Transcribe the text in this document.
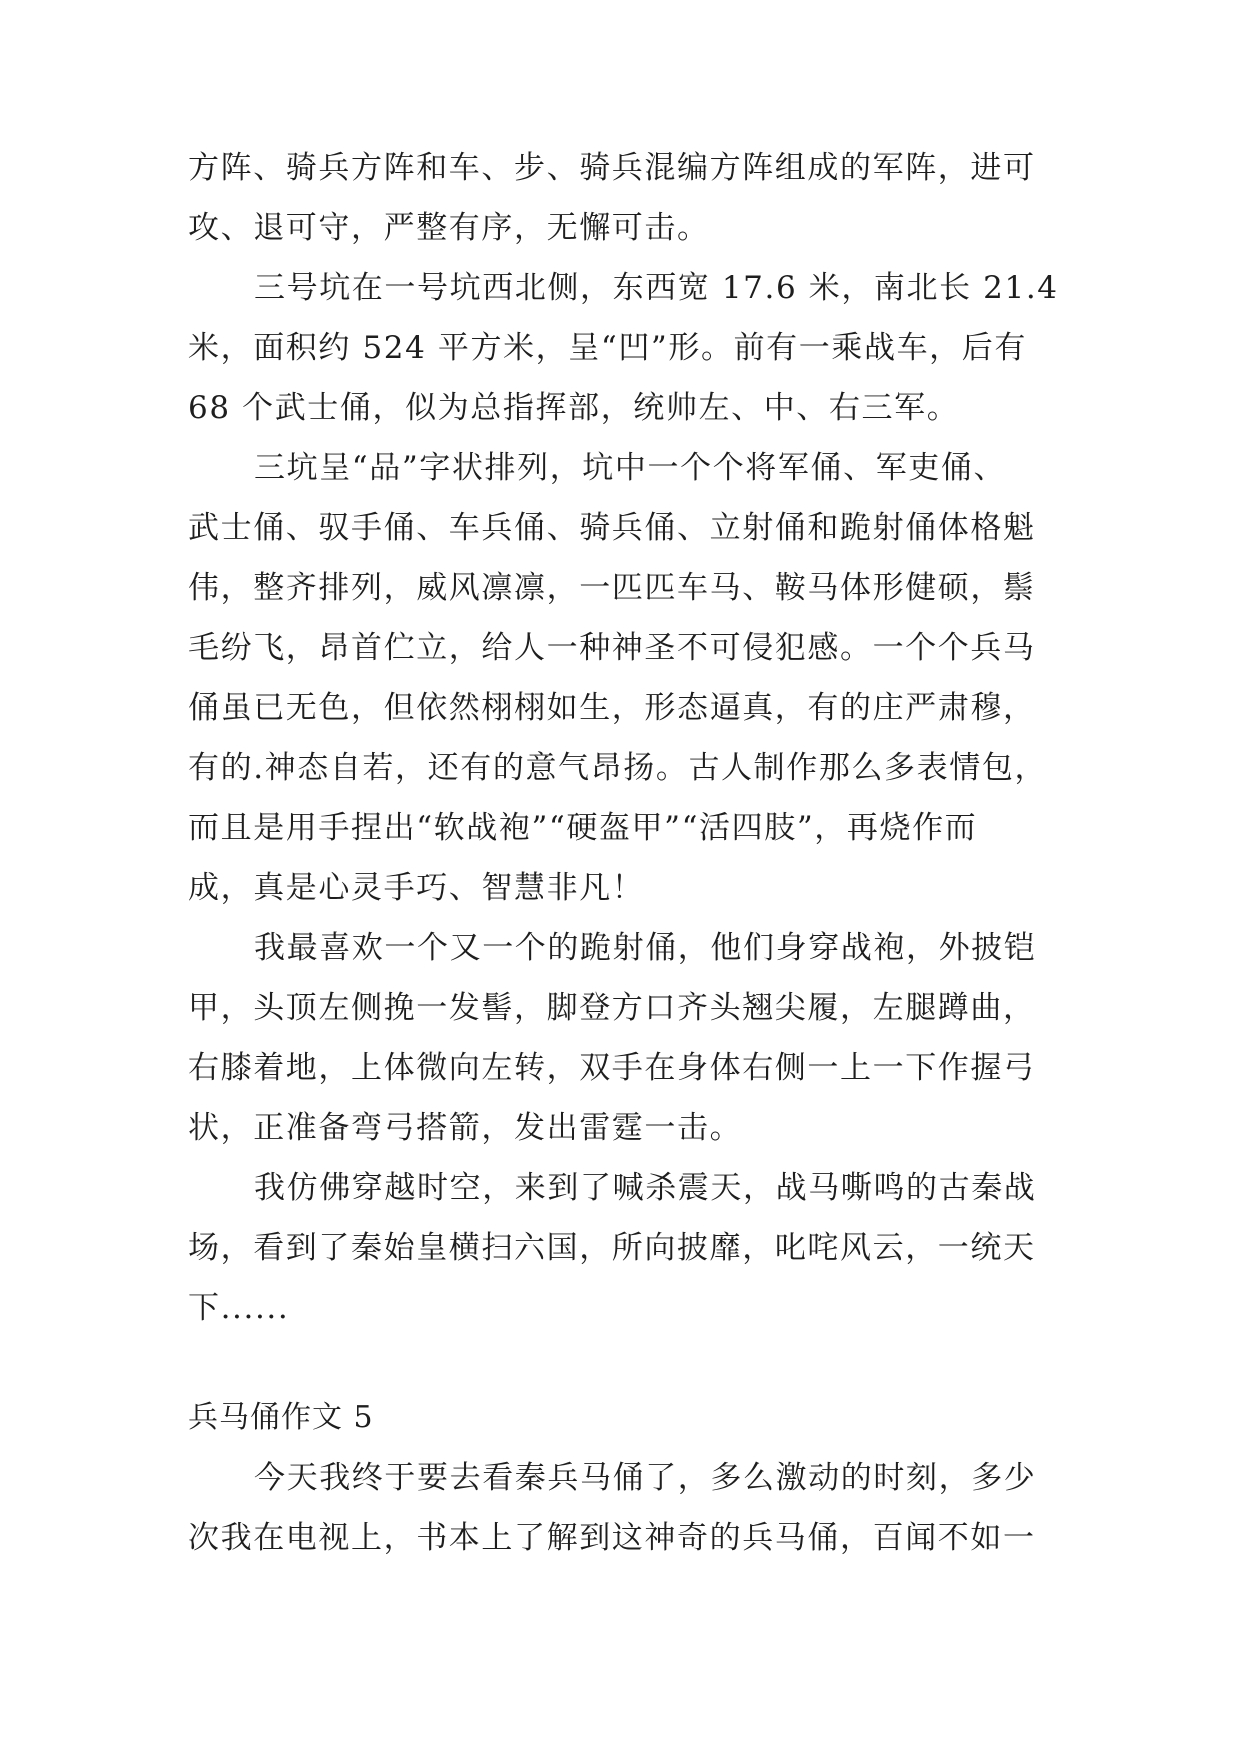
方阵、骑兵方阵和车、步、骑兵混编方阵组成的军阵，进可
攻、退可守，严整有序，无懈可击。
三号坑在一号坑西北侧，东西宽 17.6 米，南北长 21.4
米，面积约 524 平方米，呈“凹”形。前有一乘战车，后有
68 个武士俑，似为总指挥部，统帅左、中、右三军。
三坑呈“品”字状排列，坑中一个个将军俑、军吏俑、
武士俑、驭手俑、车兵俑、骑兵俑、立射俑和跪射俑体格魁
伟，整齐排列，威风凛凛，一匹匹车马、鞍马体形健硕，鬃
毛纷飞，昂首伫立，给人一种神圣不可侵犯感。一个个兵马
俑虽已无色，但依然栩栩如生，形态逼真，有的庄严肃穆，
有的.神态自若，还有的意气昂扬。古人制作那么多表情包，
而且是用手捏出“软战袍”“硬盔甲”“活四肢”，再烧作而
成，真是心灵手巧、智慧非凡！
我最喜欢一个又一个的跪射俑，他们身穿战袍，外披铠
甲，头顶左侧挽一发髻，脚登方口齐头翘尖履，左腿蹲曲，
右膝着地，上体微向左转，双手在身体右侧一上一下作握弓
状，正准备弯弓搭箭，发出雷霆一击。
我仿佛穿越时空，来到了喊杀震天，战马嘶鸣的古秦战
场，看到了秦始皇横扫六国，所向披靡，叱咤风云，一统天
下......
兵马俑作文 5
今天我终于要去看秦兵马俑了，多么激动的时刻，多少
次我在电视上，书本上了解到这神奇的兵马俑，百闻不如一
